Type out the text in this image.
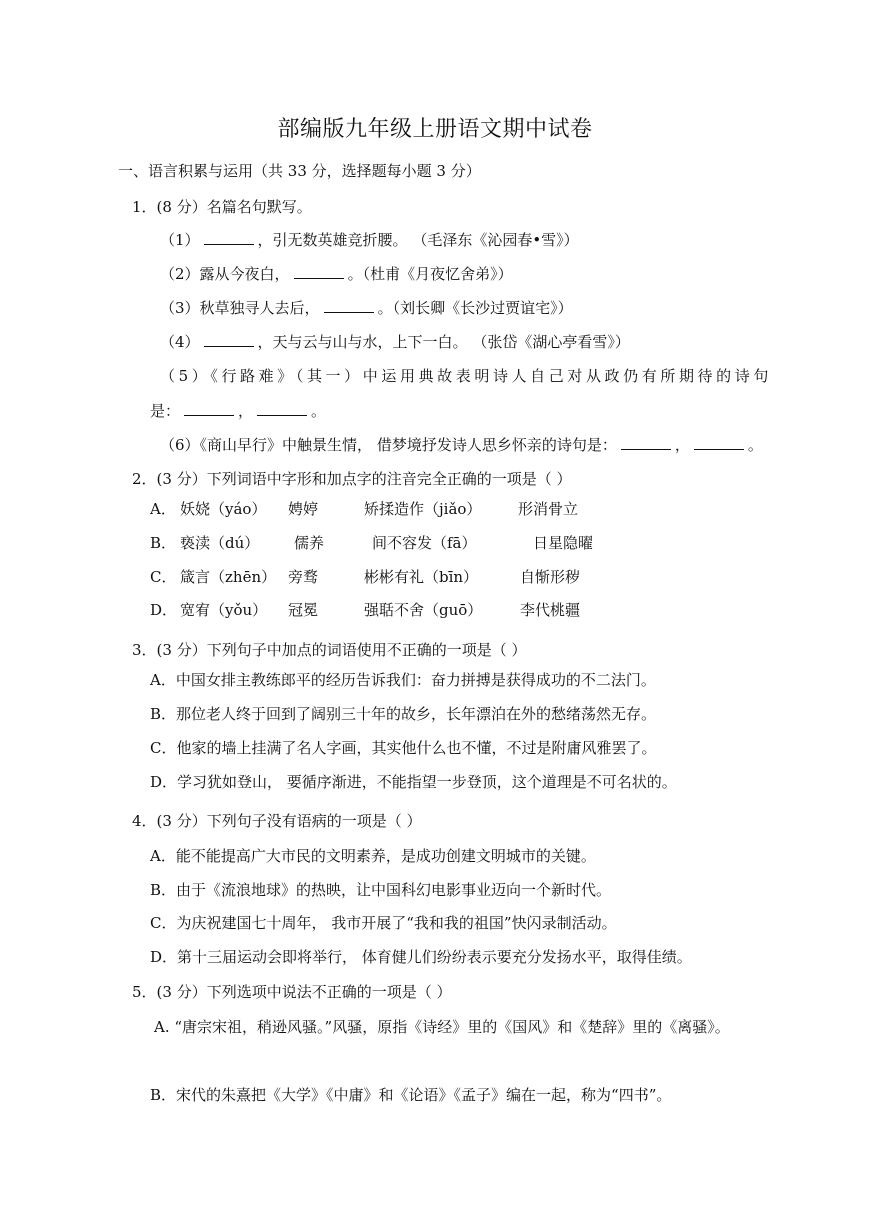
部编版九年级上册语文期中试卷
一、语言积累与运用（共 33 分，选择题每小题 3 分）
1．(8 分）名篇名句默写。
（1）	，引无数英雄竞折腰。 （毛泽东《沁园春•雪》）
（2）露从今夜白，	。（杜甫《月夜忆舍弟》）
（3）秋草独寻人去后，	。（刘长卿《长沙过贾谊宅》）
（4）	，天与云与山与水，上下一白。 （张岱《湖心亭看雪》）
（5）《行路难》（其一）中运用典故表明诗人自己对从政仍有所期待的诗句
是：	，	。
（6）《商山早行》中触景生情， 借梦境抒发诗人思乡怀亲的诗句是：	，	。
2．(3 分）下列词语中字形和加点字的注音完全正确的一项是（ ）
A． 妖娆（yáo） 娉婷	矫揉造作（jiǎo） 形消骨立
B． 亵渎（dú） 儒养	间不容发（fā）	日星隐曜
C． 箴言（zhēn） 旁骛	彬彬有礼（bīn）	自惭形秽
D． 宽宥（yǒu） 冠冕	强聒不舍（guō）	李代桃疆
3．(3 分）下列句子中加点的词语使用不正确的一项是（ ）
A．中国女排主教练郎平的经历告诉我们：奋力拼搏是获得成功的不二法门。
B．那位老人终于回到了阔别三十年的故乡，长年漂泊在外的愁绪荡然无存。
C．他家的墙上挂满了名人字画，其实他什么也不懂，不过是附庸风雅罢了。
D．学习犹如登山， 要循序渐进，不能指望一步登顶，这个道理是不可名状的。
4．(3 分）下列句子没有语病的一项是（ ）
A．能不能提高广大市民的文明素养，是成功创建文明城市的关键。
B．由于《流浪地球》的热映，让中国科幻电影事业迈向一个新时代。
C．为庆祝建国七十周年， 我市开展了“我和我的祖国”快闪录制活动。
D．第十三届运动会即将举行， 体育健儿们纷纷表示要充分发扬水平，取得佳绩。
5．(3 分）下列选项中说法不正确的一项是（ ）
A. “唐宗宋祖，稍逊风骚。”风骚，原指《诗经》里的《国风》和《楚辞》里的《离骚》。
B．宋代的朱熹把《大学》《中庸》和《论语》《孟子》编在一起，称为“四书”。
